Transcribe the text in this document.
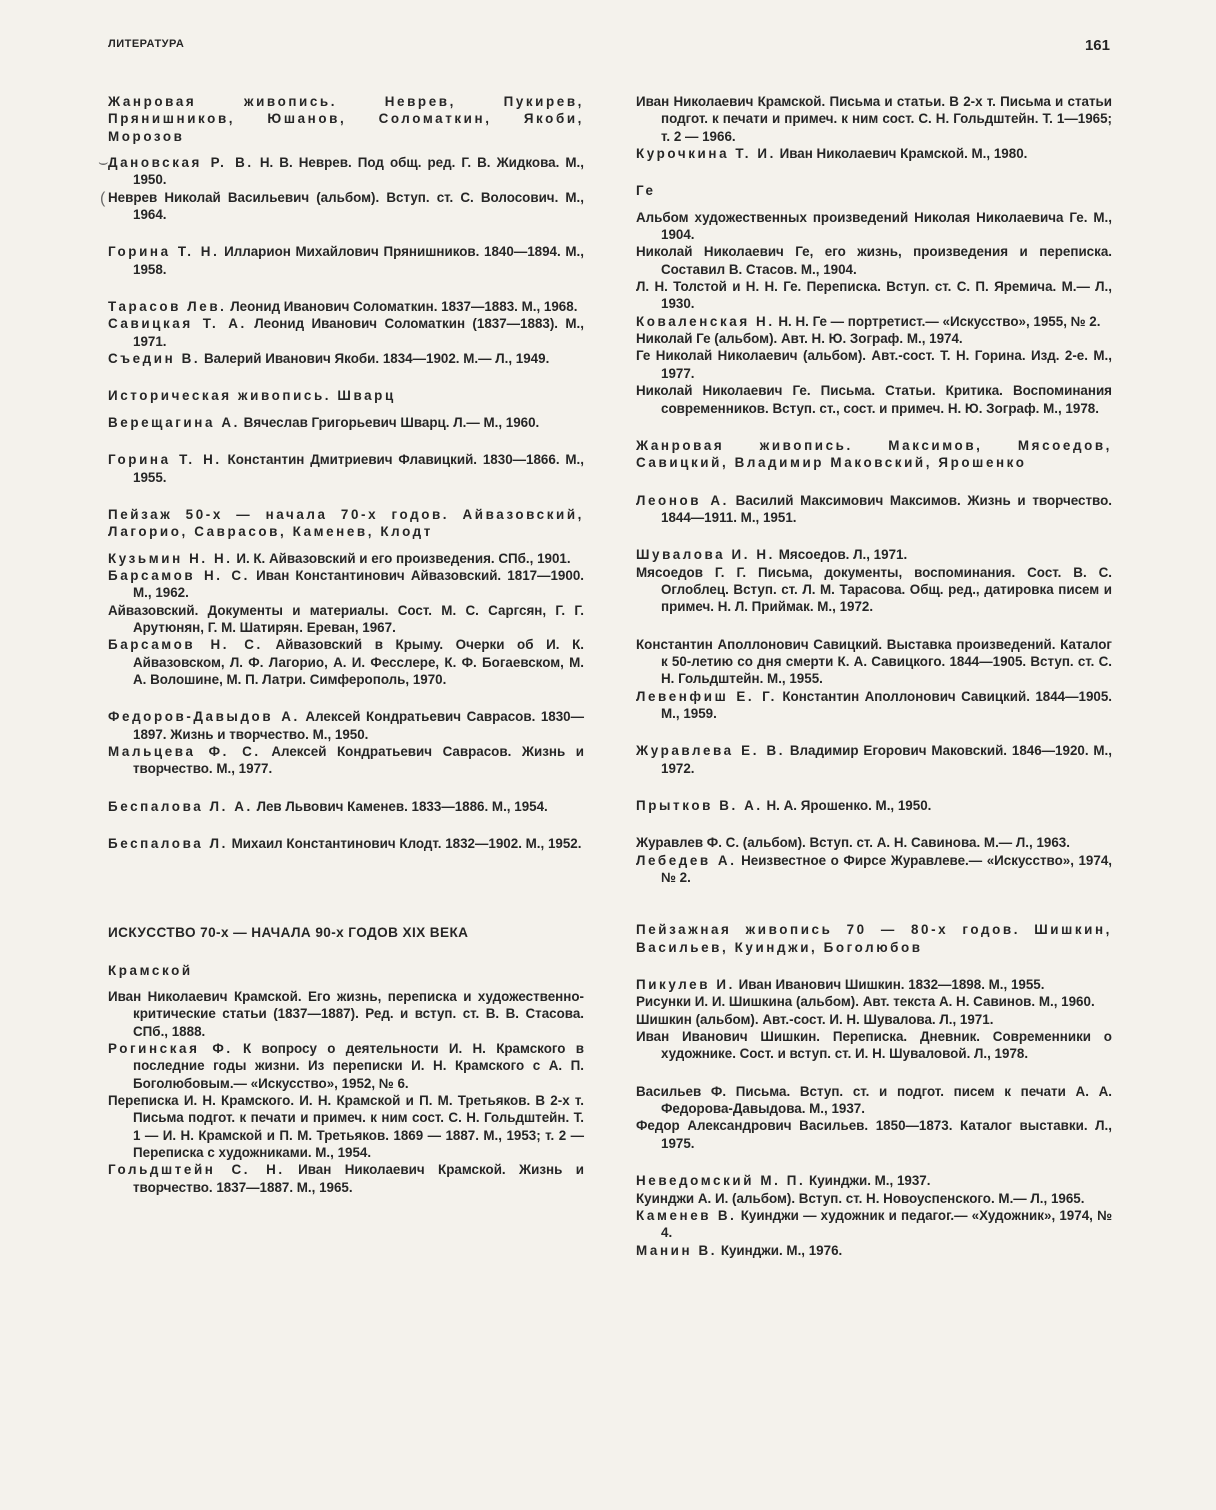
ЛИТЕРАТУРА	161

Жанровая живопись. Неврев, Пукирев, Прянишников, Юшанов, Соломаткин, Якоби, Морозов

Дановская Р. В. Н. В. Неврев. Под общ. ред. Г. В. Жидкова. М., 1950.

Неврев Николай Васильевич (альбом). Вступ. ст. С. Волосович. М., 1964.

Горина Т. Н. Илларион Михайлович Прянишников. 1840—1894. М., 1958.

Тарасов Лев. Леонид Иванович Соломаткин. 1837—1883. М., 1968.

Савицкая Т. А. Леонид Иванович Соломаткин (1837—1883). М., 1971.

Съедин В. Валерий Иванович Якоби. 1834—1902. М.— Л., 1949.

Историческая живопись. Шварц

Верещагина А. Вячеслав Григорьевич Шварц. Л.— М., 1960.

Горина Т. Н. Константин Дмитриевич Флавицкий. 1830—1866. М., 1955.

Пейзаж 50-х — начала 70-х годов. Айвазовский, Лагорио, Саврасов, Каменев, Клодт

Кузьмин Н. Н. И. К. Айвазовский и его произведения. СПб., 1901.

Барсамов Н. С. Иван Константинович Айвазовский. 1817—1900. М., 1962.

Айвазовский. Документы и материалы. Сост. М. С. Саргсян, Г. Г. Арутюнян, Г. М. Шатирян. Ереван, 1967.

Барсамов Н. С. Айвазовский в Крыму. Очерки об И. К. Айвазовском, Л. Ф. Лагорио, А. И. Фесслере, К. Ф. Богаевском, М. А. Волошине, М. П. Латри. Симферополь, 1970.

Федоров-Давыдов А. Алексей Кондратьевич Саврасов. 1830—1897. Жизнь и творчество. М., 1950.

Мальцева Ф. С. Алексей Кондратьевич Саврасов. Жизнь и творчество. М., 1977.

Беспалова Л. А. Лев Львович Каменев. 1833—1886. М., 1954.

Беспалова Л. Михаил Константинович Клодт. 1832—1902. М., 1952.

ИСКУССТВО 70-х — НАЧАЛА 90-х ГОДОВ XIX ВЕКА

Крамской

Иван Николаевич Крамской. Его жизнь, переписка и художественно-критические статьи (1837—1887). Ред. и вступ. ст. В. В. Стасова. СПб., 1888.

Рогинская Ф. К вопросу о деятельности И. Н. Крамского в последние годы жизни. Из переписки И. Н. Крамского с А. П. Боголюбовым.— «Искусство», 1952, № 6.

Переписка И. Н. Крамского. И. Н. Крамской и П. М. Третьяков. В 2-х т. Письма подгот. к печати и примеч. к ним сост. С. Н. Гольдштейн. Т. 1 — И. Н. Крамской и П. М. Третьяков. 1869 — 1887. М., 1953; т. 2 — Переписка с художниками. М., 1954.

Гольдштейн С. Н. Иван Николаевич Крамской. Жизнь и творчество. 1837—1887. М., 1965.

Иван Николаевич Крамской. Письма и статьи. В 2-х т. Письма и статьи подгот. к печати и примеч. к ним сост. С. Н. Гольдштейн. Т. 1—1965; т. 2 — 1966.

Курочкина Т. И. Иван Николаевич Крамской. М., 1980.

Ге

Альбом художественных произведений Николая Николаевича Ге. М., 1904.

Николай Николаевич Ге, его жизнь, произведения и переписка. Составил В. Стасов. М., 1904.

Л. Н. Толстой и Н. Н. Ге. Переписка. Вступ. ст. С. П. Яремича. М.— Л., 1930.

Коваленская Н. Н. Н. Ге — портретист.— «Искусство», 1955, № 2.

Николай Ге (альбом). Авт. Н. Ю. Зограф. М., 1974.

Ге Николай Николаевич (альбом). Авт.-сост. Т. Н. Горина. Изд. 2-е. М., 1977.

Николай Николаевич Ге. Письма. Статьи. Критика. Воспоминания современников. Вступ. ст., сост. и примеч. Н. Ю. Зограф. М., 1978.

Жанровая живопись. Максимов, Мясоедов, Савицкий, Владимир Маковский, Ярошенко

Леонов А. Василий Максимович Максимов. Жизнь и творчество. 1844—1911. М., 1951.

Шувалова И. Н. Мясоедов. Л., 1971.

Мясоедов Г. Г. Письма, документы, воспоминания. Сост. В. С. Оглоблец. Вступ. ст. Л. М. Тарасова. Общ. ред., датировка писем и примеч. Н. Л. Приймак. М., 1972.

Константин Аполлонович Савицкий. Выставка произведений. Каталог к 50-летию со дня смерти К. А. Савицкого. 1844—1905. Вступ. ст. С. Н. Гольдштейн. М., 1955.

Левенфиш Е. Г. Константин Аполлонович Савицкий. 1844—1905. М., 1959.

Журавлева Е. В. Владимир Егорович Маковский. 1846—1920. М., 1972.

Прытков В. А. Н. А. Ярошенко. М., 1950.

Журавлев Ф. С. (альбом). Вступ. ст. А. Н. Савинова. М.— Л., 1963.

Лебедев А. Неизвестное о Фирсе Журавлеве.— «Искусство», 1974, № 2.

Пейзажная живопись 70 — 80-х годов. Шишкин, Васильев, Куинджи, Боголюбов

Пикулев И. Иван Иванович Шишкин. 1832—1898. М., 1955.

Рисунки И. И. Шишкина (альбом). Авт. текста А. Н. Савинов. М., 1960.

Шишкин (альбом). Авт.-сост. И. Н. Шувалова. Л., 1971.

Иван Иванович Шишкин. Переписка. Дневник. Современники о художнике. Сост. и вступ. ст. И. Н. Шуваловой. Л., 1978.

Васильев Ф. Письма. Вступ. ст. и подгот. писем к печати А. А. Федорова-Давыдова. М., 1937.

Федор Александрович Васильев. 1850—1873. Каталог выставки. Л., 1975.

Неведомский М. П. Куинджи. М., 1937.

Куинджи А. И. (альбом). Вступ. ст. Н. Новоуспенского. М.— Л., 1965.

Каменев В. Куинджи — художник и педагог.— «Художник», 1974, № 4.

Манин В. Куинджи. М., 1976.

⌣
(
